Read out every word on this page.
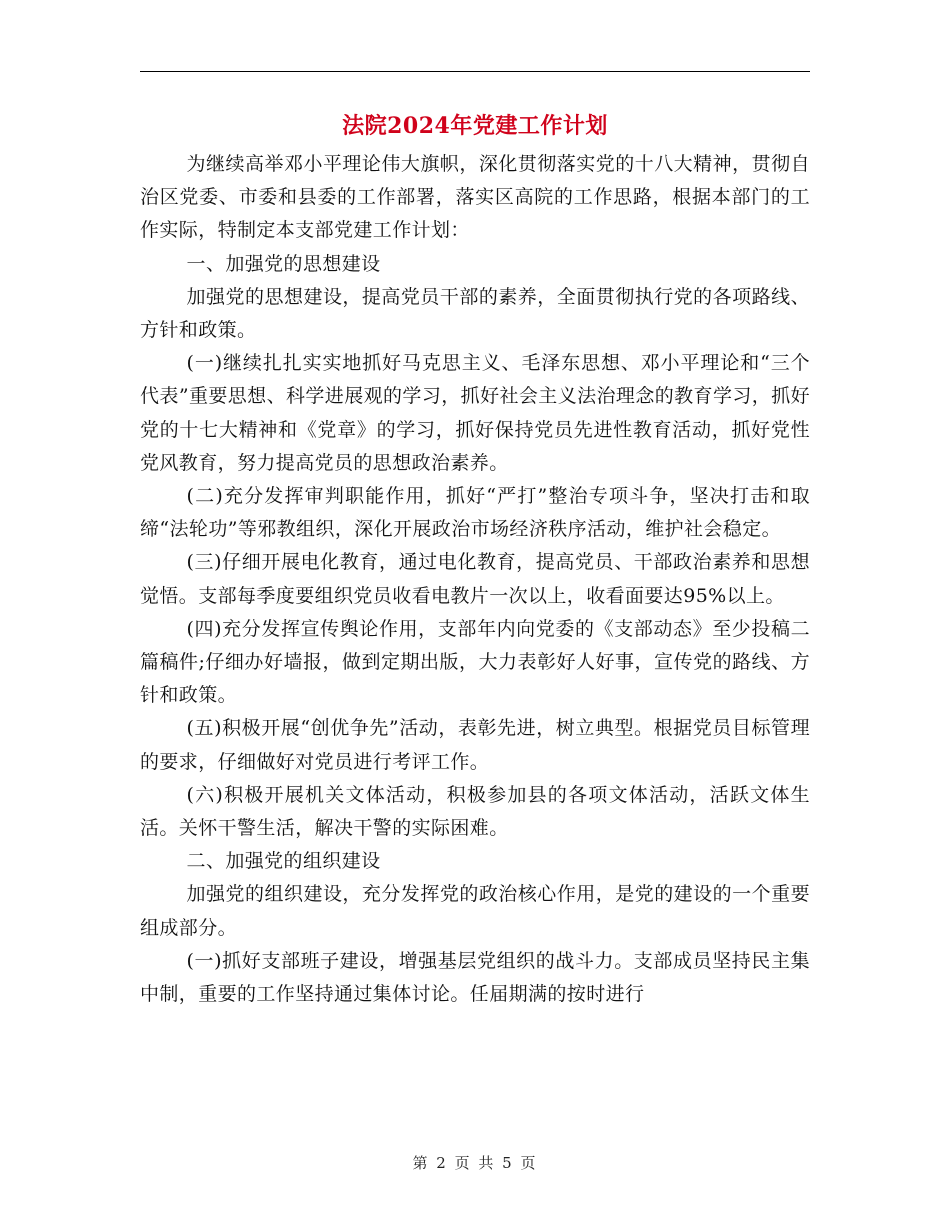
法院2024年党建工作计划

为继续高举邓小平理论伟大旗帜，深化贯彻落实党的十八大精神，贯彻自治区党委、市委和县委的工作部署，落实区高院的工作思路，根据本部门的工作实际，特制定本支部党建工作计划：

一、加强党的思想建设

加强党的思想建设，提高党员干部的素养，全面贯彻执行党的各项路线、方针和政策。

(一)继续扎扎实实地抓好马克思主义、毛泽东思想、邓小平理论和“三个代表”重要思想、科学进展观的学习，抓好社会主义法治理念的教育学习，抓好党的十七大精神和《党章》的学习，抓好保持党员先进性教育活动，抓好党性党风教育，努力提高党员的思想政治素养。

(二)充分发挥审判职能作用，抓好“严打”整治专项斗争，坚决打击和取缔“法轮功”等邪教组织，深化开展政治市场经济秩序活动，维护社会稳定。

(三)仔细开展电化教育，通过电化教育，提高党员、干部政治素养和思想觉悟。支部每季度要组织党员收看电教片一次以上，收看面要达95%以上。

(四)充分发挥宣传舆论作用，支部年内向党委的《支部动态》至少投稿二篇稿件;仔细办好墙报，做到定期出版，大力表彰好人好事，宣传党的路线、方针和政策。

(五)积极开展“创优争先”活动，表彰先进，树立典型。根据党员目标管理的要求，仔细做好对党员进行考评工作。

(六)积极开展机关文体活动，积极参加县的各项文体活动，活跃文体生活。关怀干警生活，解决干警的实际困难。

二、加强党的组织建设

加强党的组织建设，充分发挥党的政治核心作用，是党的建设的一个重要组成部分。

(一)抓好支部班子建设，增强基层党组织的战斗力。支部成员坚持民主集中制，重要的工作坚持通过集体讨论。任届期满的按时进行

第 2 页 共 5 页
